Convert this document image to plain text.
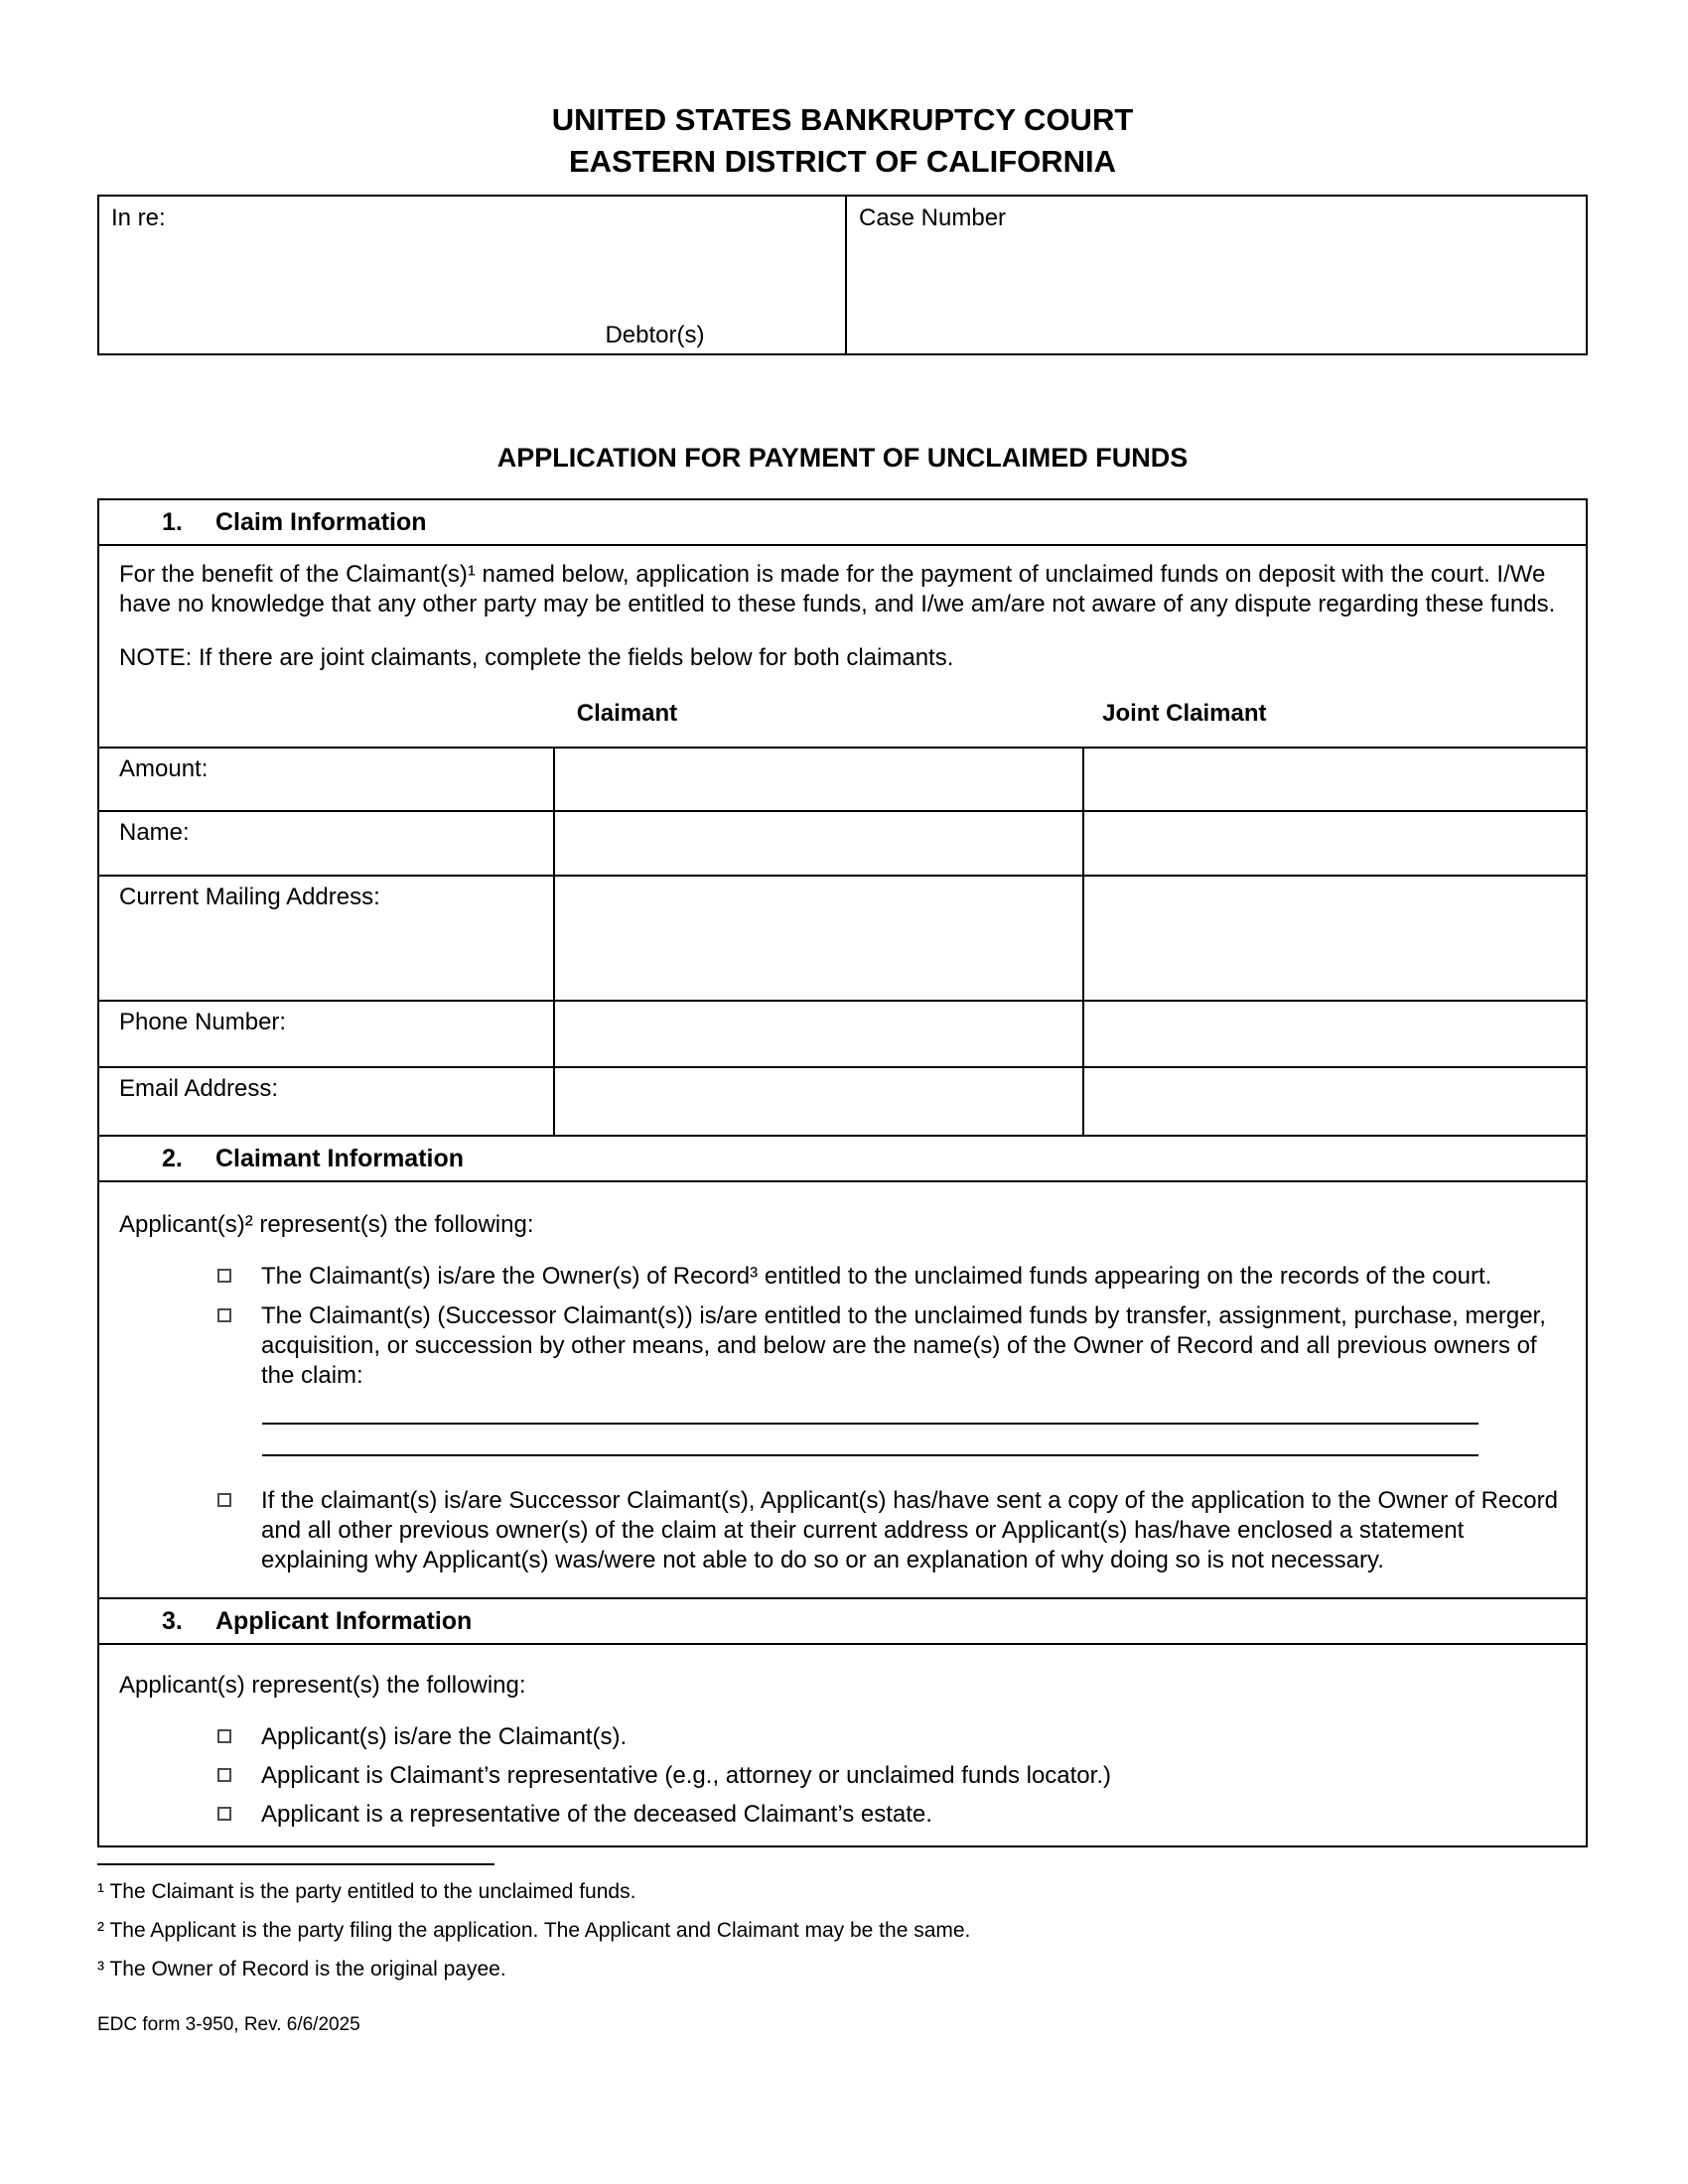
UNITED STATES BANKRUPTCY COURT
EASTERN DISTRICT OF CALIFORNIA
In re:
Debtor(s)
Case Number
APPLICATION FOR PAYMENT OF UNCLAIMED FUNDS
1. Claim Information

For the benefit of the Claimant(s)¹ named below, application is made for the payment of unclaimed funds on deposit with the court. I/We have no knowledge that any other party may be entitled to these funds, and I/we am/are not aware of any dispute regarding these funds.

NOTE: If there are joint claimants, complete the fields below for both claimants.

Claimant	Joint Claimant
Amount:		
Name:		
Current Mailing Address:		
Phone Number:		
Email Address:		
2. Claimant Information

Applicant(s)² represent(s) the following:

The Claimant(s) is/are the Owner(s) of Record³ entitled to the unclaimed funds appearing on the records of the court.
The Claimant(s) (Successor Claimant(s)) is/are entitled to the unclaimed funds by transfer, assignment, purchase, merger, acquisition, or succession by other means, and below are the name(s) of the Owner of Record and all previous owners of the claim:
If the claimant(s) is/are Successor Claimant(s), Applicant(s) has/have sent a copy of the application to the Owner of Record and all other previous owner(s) of the claim at their current address or Applicant(s) has/have enclosed a statement explaining why Applicant(s) was/were not able to do so or an explanation of why doing so is not necessary.
3. Applicant Information

Applicant(s) represent(s) the following:

Applicant(s) is/are the Claimant(s).
Applicant is Claimant’s representative (e.g., attorney or unclaimed funds locator.)
Applicant is a representative of the deceased Claimant’s estate.
¹ The Claimant is the party entitled to the unclaimed funds.
² The Applicant is the party filing the application. The Applicant and Claimant may be the same.
³ The Owner of Record is the original payee.
EDC form 3-950, Rev. 6/6/2025
